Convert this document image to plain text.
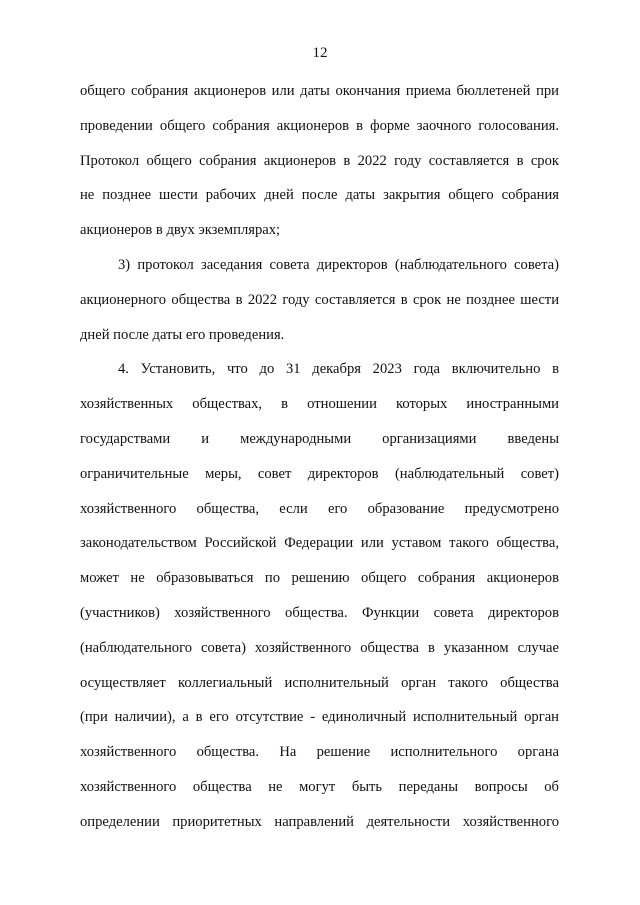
12
общего собрания акционеров или даты окончания приема бюллетеней при
проведении общего собрания акционеров в форме заочного голосования.
Протокол общего собрания акционеров в 2022 году составляется в срок
не позднее шести рабочих дней после даты закрытия общего собрания
акционеров в двух экземплярах;
3) протокол заседания совета директоров (наблюдательного совета)
акционерного общества в 2022 году составляется в срок не позднее шести
дней после даты его проведения.
4. Установить, что до 31 декабря 2023 года включительно в
хозяйственных обществах, в отношении которых иностранными
государствами и международными организациями введены
ограничительные меры, совет директоров (наблюдательный совет)
хозяйственного общества, если его образование предусмотрено
законодательством Российской Федерации или уставом такого общества,
может не образовываться по решению общего собрания акционеров
(участников) хозяйственного общества. Функции совета директоров
(наблюдательного совета) хозяйственного общества в указанном случае
осуществляет коллегиальный исполнительный орган такого общества
(при наличии), а в его отсутствие - единоличный исполнительный орган
хозяйственного общества. На решение исполнительного органа
хозяйственного общества не могут быть переданы вопросы об
определении приоритетных направлений деятельности хозяйственного
